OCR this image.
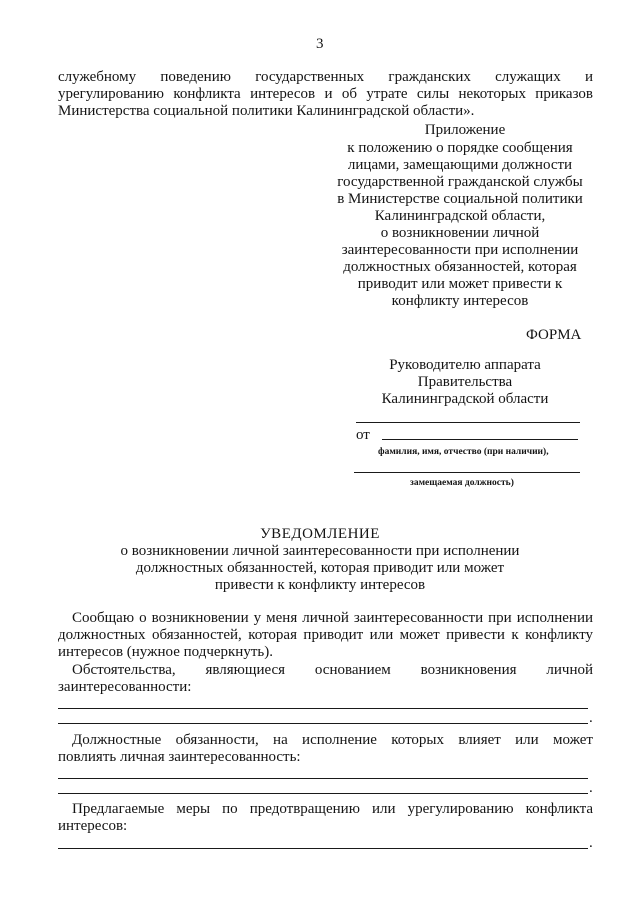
3
служебному поведению государственных гражданских служащих и
урегулированию конфликта интересов и об утрате силы некоторых приказов
Министерства социальной политики Калининградской области».
Приложение
к положению о порядке сообщения
лицами, замещающими должности
государственной гражданской службы
в Министерстве социальной политики
Калининградской области,
о возникновении личной
заинтересованности при исполнении
должностных обязанностей, которая
приводит или может привести к
конфликту интересов
ФОРМА
Руководителю аппарата
Правительства
Калининградской области
от
фамилия, имя, отчество (при наличии),
замещаемая должность)
УВЕДОМЛЕНИЕ
о возникновении личной заинтересованности при исполнении
должностных обязанностей, которая приводит или может
привести к конфликту интересов
Сообщаю о возникновении у меня личной заинтересованности при исполнении
должностных обязанностей, которая приводит или может привести к конфликту
интересов (нужное подчеркнуть).
Обстоятельства, являющиеся основанием возникновения личной
заинтересованности:
.
Должностные обязанности, на исполнение которых влияет или может
повлиять личная заинтересованность:
.
Предлагаемые меры по предотвращению или урегулированию конфликта
интересов:
.
